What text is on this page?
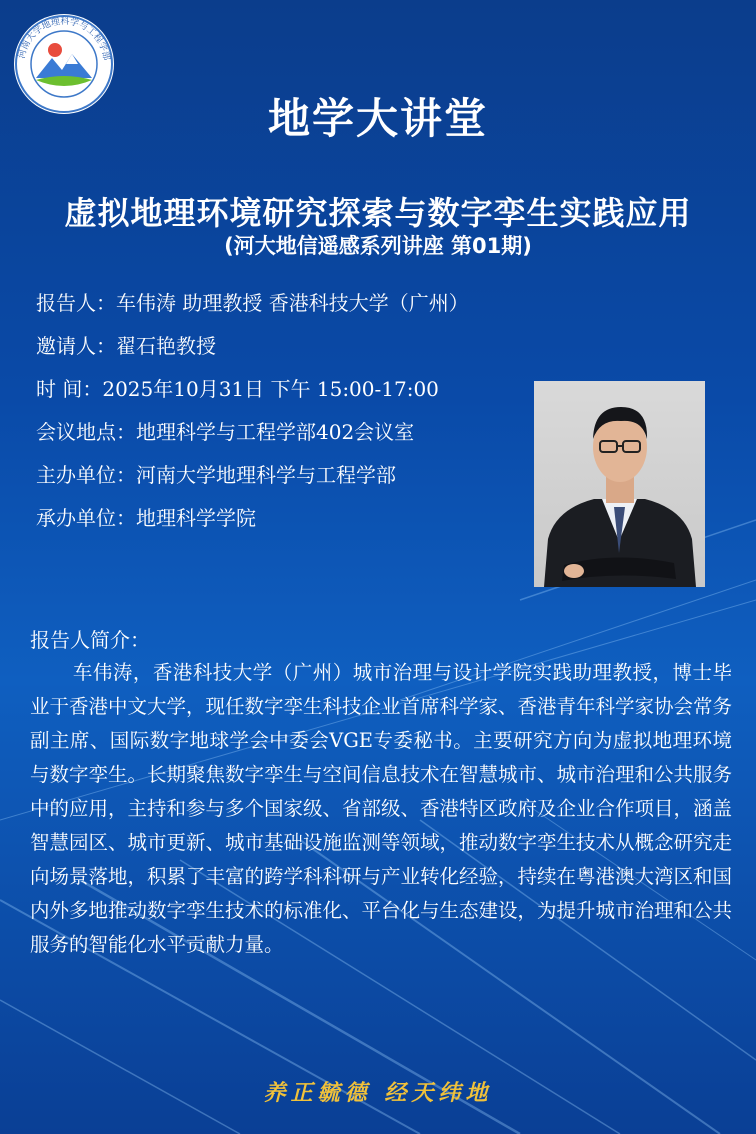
河南大学地理科学与工程学部
地学大讲堂
虚拟地理环境研究探索与数字孪生实践应用
(河大地信遥感系列讲座 第01期)
报告人：车伟涛 助理教授 香港科技大学（广州）
邀请人：翟石艳教授
时 间：2025年10月31日 下午 15:00-17:00
会议地点：地理科学与工程学部402会议室
主办单位：河南大学地理科学与工程学部
承办单位：地理科学学院
报告人简介：
车伟涛，香港科技大学（广州）城市治理与设计学院实践助理教授，博士毕业于香港中文大学，现任数字孪生科技企业首席科学家、香港青年科学家协会常务副主席、国际数字地球学会中委会VGE专委秘书。主要研究方向为虚拟地理环境与数字孪生。长期聚焦数字孪生与空间信息技术在智慧城市、城市治理和公共服务中的应用，主持和参与多个国家级、省部级、香港特区政府及企业合作项目，涵盖智慧园区、城市更新、城市基础设施监测等领域，推动数字孪生技术从概念研究走向场景落地，积累了丰富的跨学科科研与产业转化经验，持续在粤港澳大湾区和国内外多地推动数字孪生技术的标准化、平台化与生态建设，为提升城市治理和公共服务的智能化水平贡献力量。
养正毓德 经天纬地
